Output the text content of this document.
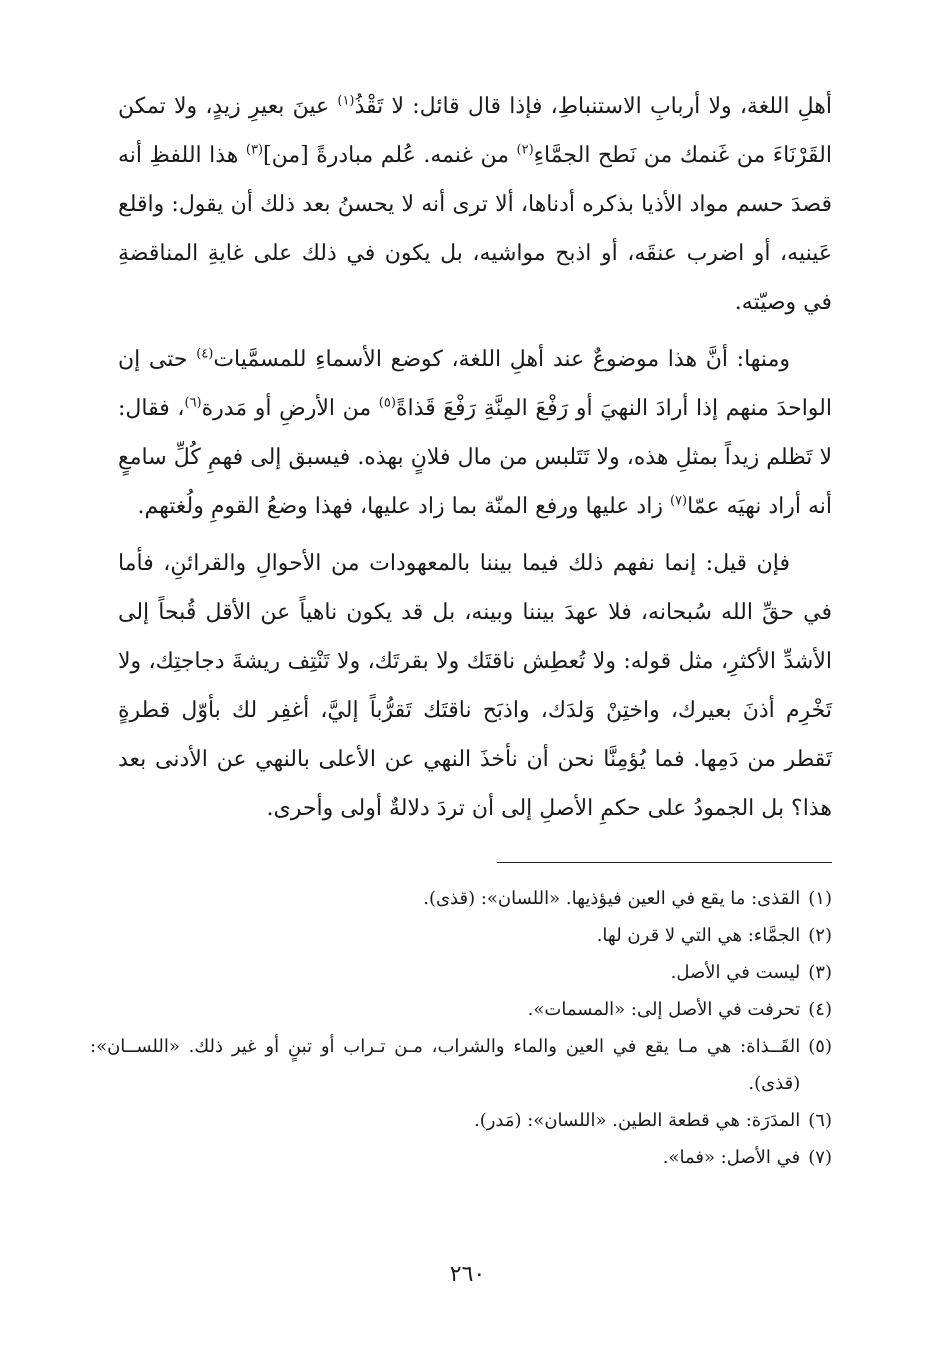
أهلِ اللغة، ولا أربابِ الاستنباطِ، فإذا قال قائل: لا تَقْذُ$^{(١)}$ عينَ بعيرِ زيدٍ، ولا تمكن القَرْنَاءَ من غَنمك من نَطح الجمَّاءِ$^{(٢)}$ من غنمه. عُلم مبادرةً [من]$^{(٣)}$ هذا اللفظِ أنه قصدَ حسم مواد الأذيا بذكره أدناها، ألا ترى أنه لا يحسنُ بعد ذلك أن يقول: واقلع عَينيه، أو اضرب عنقَه، أو اذبح مواشيه، بل يكون في ذلك على غايةِ المناقضةِ في وصيّته.

ومنها: أنَّ هذا موضوعٌ عند أهلِ اللغة، كوضع الأسماءِ للمسمَّيات$^{(٤)}$ حتى إن الواحدَ منهم إذا أرادَ النهيَ أو رَفْعَ المِنَّةِ رَفْعَ قَذاةً$^{(٥)}$ من الأرضِ أو مَدرة$^{(٦)}$، فقال: لا تَظلم زيداً بمثلِ هذه، ولا تَتَلبس من مال فلانٍ بهذه. فيسبق إلى فهمِ كُلِّ سامعٍ أنه أراد نهيَه عمّا$^{(٧)}$ زاد عليها ورفع المنّة بما زاد عليها، فهذا وضعُ القومِ ولُغتهم.

فإن قيل: إنما نفهم ذلك فيما بيننا بالمعهودات من الأحوالِ والقرائنِ، فأما في حقِّ الله سُبحانه، فلا عهدَ بيننا وبينه، بل قد يكون ناهياً عن الأقل قُبحاً إلى الأشدِّ الأكثرِ، مثل قوله: ولا تُعطِش ناقتَك ولا بقرتَك، ولا تَنْتِف ريشةَ دجاجتِك، ولا تَخْرِم أذنَ بعيرك، واختِنْ وَلدَك، واذبَح ناقتَك تَقرُّباً إليَّ، أغفِر لك بأوّل قطرةٍ تَقطر من دَمِها. فما يُؤمِنَّا نحن أن نأخذَ النهي عن الأعلى بالنهي عن الأدنى بعد هذا؟ بل الجمودُ على حكمِ الأصلِ إلى أن تردَ دلالةٌ أولى وأحرى.

(١)
القذى: ما يقع في العين فيؤذيها. «اللسان»: (قذى).
(٢)
الجمَّاء: هي التي لا قرن لها.
(٣)
ليست في الأصل.
(٤)
تحرفت في الأصل إلى: «المسمات».
(٥)
القَــذاة: هي مـا يقع في العين والماء والشراب، مـن تـراب أو تبنٍ أو غير ذلك. «اللســان»: (قذى).
(٦)
المدَرَة: هي قطعة الطين. «اللسان»: (مَدر).
(٧)
في الأصل: «فما».
٢٦٠
